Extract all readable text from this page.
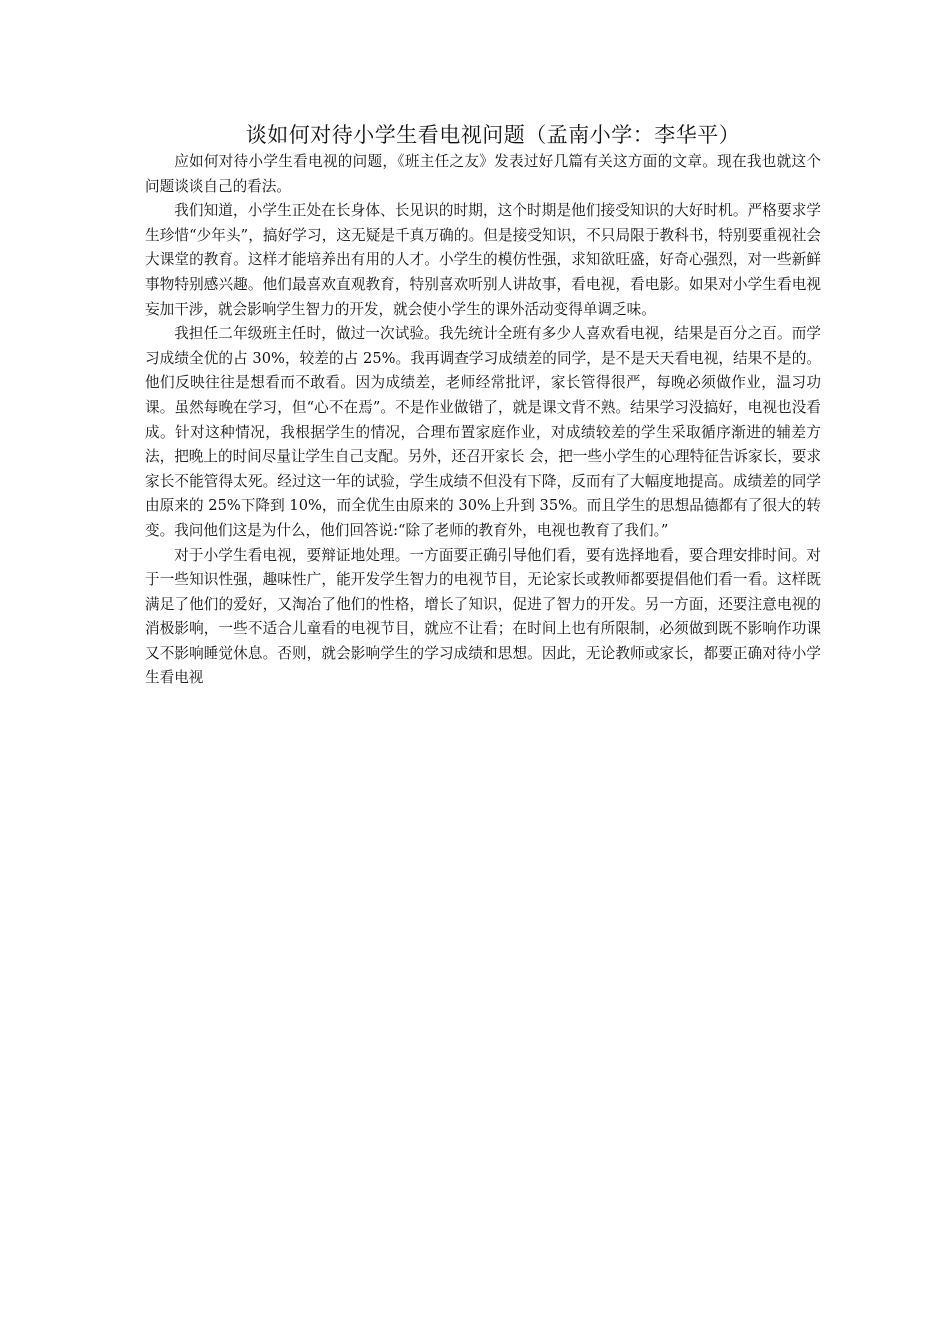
谈如何对待小学生看电视问题（孟南小学：李华平）

应如何对待小学生看电视的问题，《班主任之友》发表过好几篇有关这方面的文章。现在我也就这个问题谈谈自己的看法。

我们知道，小学生正处在长身体、长见识的时期，这个时期是他们接受知识的大好时机。严格要求学生珍惜“少年头”，搞好学习，这无疑是千真万确的。但是接受知识，不只局限于教科书，特别要重视社会大课堂的教育。这样才能培养出有用的人才。小学生的模仿性强，求知欲旺盛，好奇心强烈，对一些新鲜事物特别感兴趣。他们最喜欢直观教育，特别喜欢听别人讲故事，看电视，看电影。如果对小学生看电视妄加干涉，就会影响学生智力的开发，就会使小学生的课外活动变得单调乏味。

我担任二年级班主任时，做过一次试验。我先统计全班有多少人喜欢看电视，结果是百分之百。而学习成绩全优的占 30%，较差的占 25%。我再调查学习成绩差的同学，是不是天天看电视，结果不是的。他们反映往往是想看而不敢看。因为成绩差，老师经常批评，家长管得很严，每晚必须做作业，温习功课。虽然每晚在学习，但“心不在焉”。不是作业做错了，就是课文背不熟。结果学习没搞好，电视也没看成。针对这种情况，我根据学生的情况，合理布置家庭作业，对成绩较差的学生采取循序渐进的辅差方法，把晚上的时间尽量让学生自己支配。另外，还召开家长 会，把一些小学生的心理特征告诉家长，要求家长不能管得太死。经过这一年的试验，学生成绩不但没有下降，反而有了大幅度地提高。成绩差的同学由原来的 25%下降到 10%，而全优生由原来的 30%上升到 35%。而且学生的思想品德都有了很大的转变。我问他们这是为什么，他们回答说:“除了老师的教育外，电视也教育了我们。”

对于小学生看电视，要辩证地处理。一方面要正确引导他们看，要有选择地看，要合理安排时间。对于一些知识性强，趣味性广，能开发学生智力的电视节目，无论家长或教师都要提倡他们看一看。这样既满足了他们的爱好，又淘冶了他们的性格，增长了知识，促进了智力的开发。另一方面，还要注意电视的消极影响，一些不适合儿童看的电视节目，就应不让看；在时间上也有所限制，必须做到既不影响作功课又不影响睡觉休息。否则，就会影响学生的学习成绩和思想。因此，无论教师或家长，都要正确对待小学生看电视
